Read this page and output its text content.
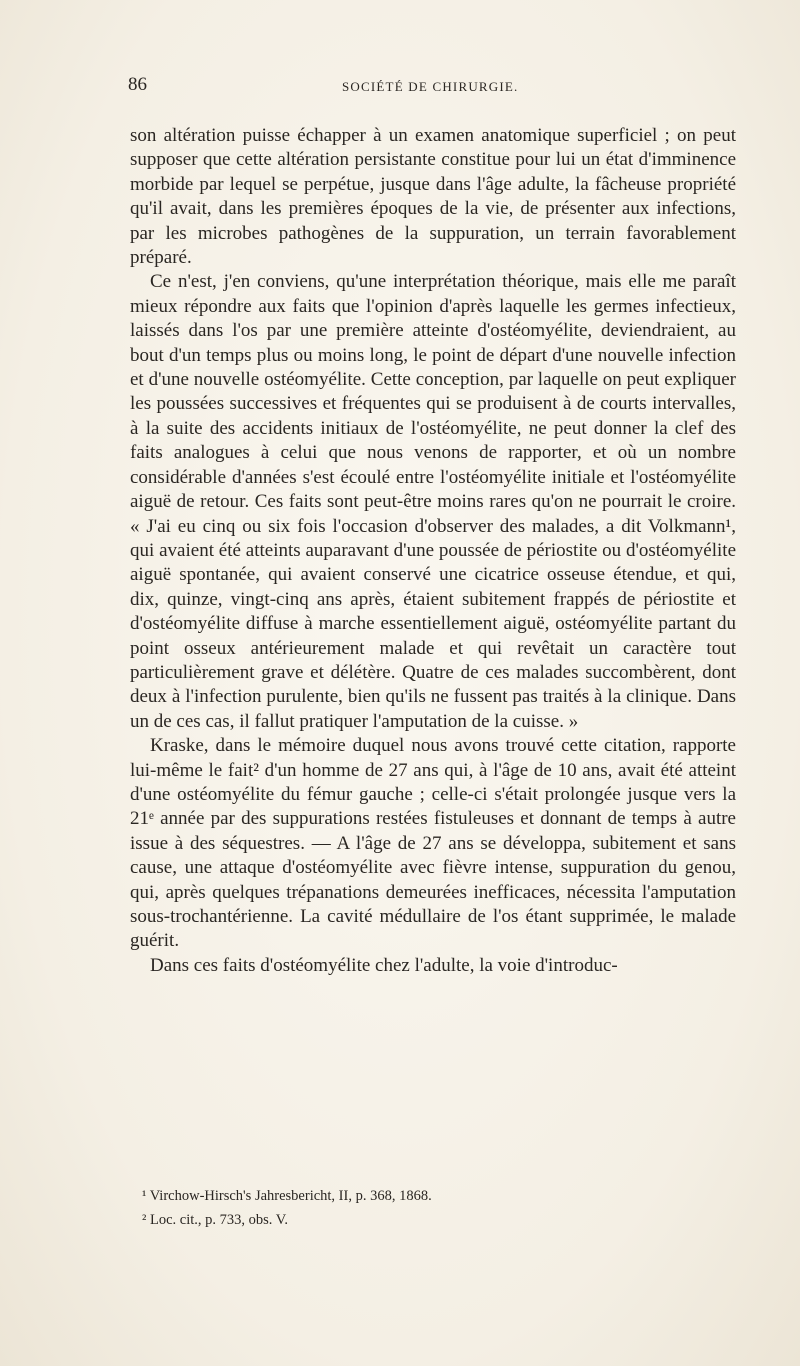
86	SOCIÉTÉ DE CHIRURGIE.

son altération puisse échapper à un examen anatomique superficiel ; on peut supposer que cette altération persistante constitue pour lui un état d'imminence morbide par lequel se perpétue, jusque dans l'âge adulte, la fâcheuse propriété qu'il avait, dans les premières époques de la vie, de présenter aux infections, par les microbes pathogènes de la suppuration, un terrain favorablement préparé.

Ce n'est, j'en conviens, qu'une interprétation théorique, mais elle me paraît mieux répondre aux faits que l'opinion d'après laquelle les germes infectieux, laissés dans l'os par une première atteinte d'ostéomyélite, deviendraient, au bout d'un temps plus ou moins long, le point de départ d'une nouvelle infection et d'une nouvelle ostéomyélite. Cette conception, par laquelle on peut expliquer les poussées successives et fréquentes qui se produisent à de courts intervalles, à la suite des accidents initiaux de l'ostéomyélite, ne peut donner la clef des faits analogues à celui que nous venons de rapporter, et où un nombre considérable d'années s'est écoulé entre l'ostéomyélite initiale et l'ostéomyélite aiguë de retour. Ces faits sont peut-être moins rares qu'on ne pourrait le croire. « J'ai eu cinq ou six fois l'occasion d'observer des malades, a dit Volkmann¹, qui avaient été atteints auparavant d'une poussée de périostite ou d'ostéomyélite aiguë spontanée, qui avaient conservé une cicatrice osseuse étendue, et qui, dix, quinze, vingt-cinq ans après, étaient subitement frappés de périostite et d'ostéomyélite diffuse à marche essentiellement aiguë, ostéomyélite partant du point osseux antérieurement malade et qui revêtait un caractère tout particulièrement grave et délétère. Quatre de ces malades succombèrent, dont deux à l'infection purulente, bien qu'ils ne fussent pas traités à la clinique. Dans un de ces cas, il fallut pratiquer l'amputation de la cuisse. »

Kraske, dans le mémoire duquel nous avons trouvé cette citation, rapporte lui-même le fait² d'un homme de 27 ans qui, à l'âge de 10 ans, avait été atteint d'une ostéomyélite du fémur gauche ; celle-ci s'était prolongée jusque vers la 21ᵉ année par des suppurations restées fistuleuses et donnant de temps à autre issue à des séquestres. — A l'âge de 27 ans se développa, subitement et sans cause, une attaque d'ostéomyélite avec fièvre intense, suppuration du genou, qui, après quelques trépanations demeurées inefficaces, nécessita l'amputation sous-trochantérienne. La cavité médullaire de l'os étant supprimée, le malade guérit.

Dans ces faits d'ostéomyélite chez l'adulte, la voie d'introduc-

¹ Virchow-Hirsch's Jahresbericht, II, p. 368, 1868.

² Loc. cit., p. 733, obs. V.
